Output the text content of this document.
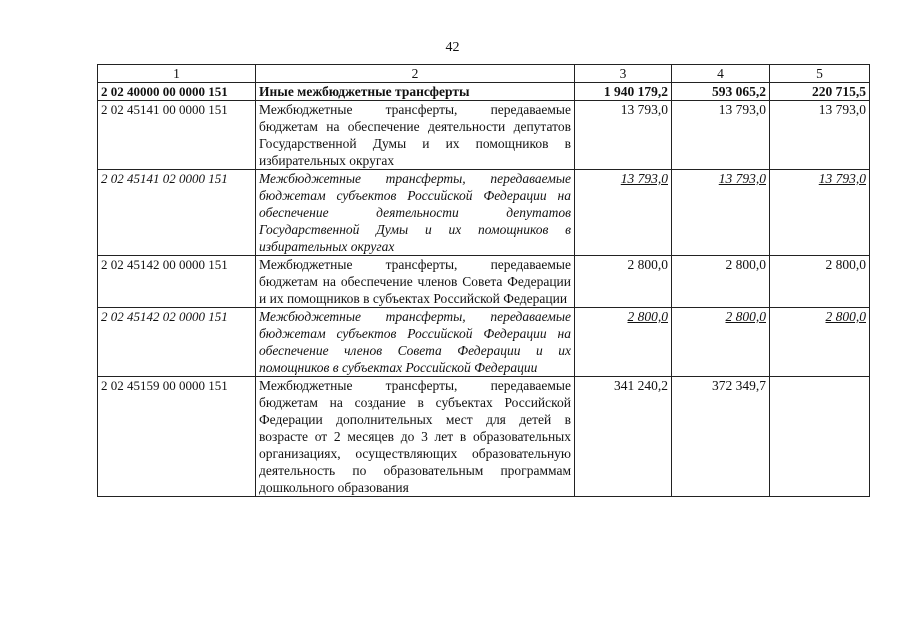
42
1	2	3	4	5
2 02 40000 00 0000 151	Иные межбюджетные трансферты	1 940 179,2	593 065,2	220 715,5
2 02 45141 00 0000 151	Межбюджетные трансферты, передаваемые бюджетам на обеспечение деятельности депутатов Государственной Думы и их помощников в избирательных округах	13 793,0	13 793,0	13 793,0
2 02 45141 02 0000 151	Межбюджетные трансферты, передаваемые бюджетам субъектов Российской Федерации на обеспечение деятельности депутатов Государственной Думы и их помощников в избирательных округах	13 793,0	13 793,0	13 793,0
2 02 45142 00 0000 151	Межбюджетные трансферты, передаваемые бюджетам на обеспечение членов Совета Федерации и их помощников в субъектах Российской Федерации	2 800,0	2 800,0	2 800,0
2 02 45142 02 0000 151	Межбюджетные трансферты, передаваемые бюджетам субъектов Российской Федерации на обеспечение членов Совета Федерации и их помощников в субъектах Российской Федерации	2 800,0	2 800,0	2 800,0
2 02 45159 00 0000 151	Межбюджетные трансферты, передаваемые бюджетам на создание в субъектах Российской Федерации дополнительных мест для детей в возрасте от 2 месяцев до 3 лет в образовательных организациях, осуществляющих образовательную деятельность по образовательным программам дошкольного образования	341 240,2	372 349,7	
